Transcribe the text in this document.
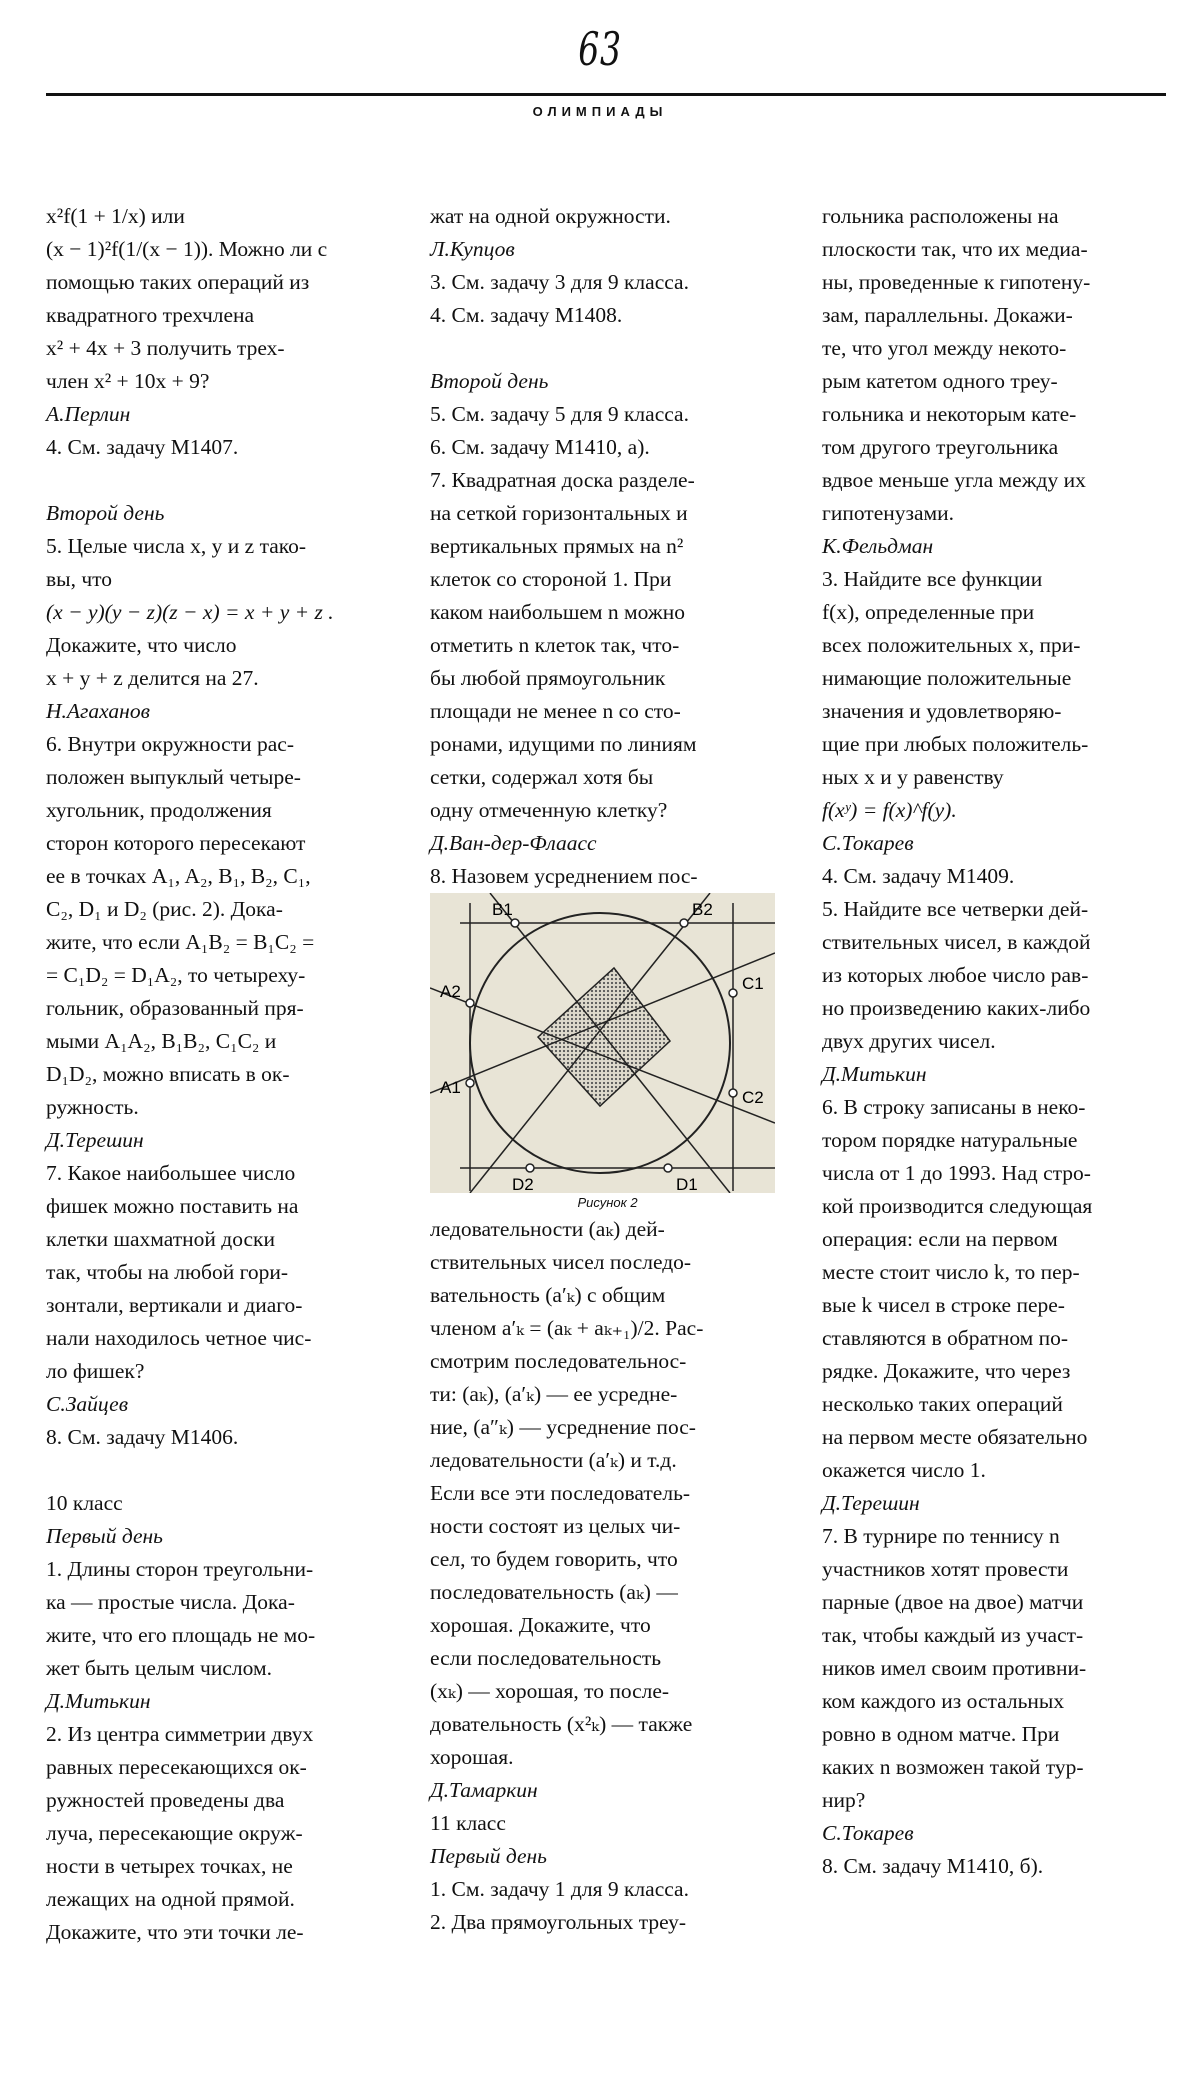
63
ОЛИМПИАДЫ
x²f(1 + 1/x) или
(x − 1)²f(1/(x − 1)). Можно ли с
помощью таких операций из
квадратного трехчлена
x² + 4x + 3 получить трех-
член x² + 10x + 9?
А.Перлин
4. См. задачу М1407.
Второй день
5. Целые числа x, y и z тако-
вы, что
(x − y)(y − z)(z − x) = x + y + z .
Докажите, что число
x + y + z делится на 27.
Н.Агаханов
6. Внутри окружности рас-
положен выпуклый четыре-
хугольник, продолжения
сторон которого пересекают
ее в точках A₁, A₂, B₁, B₂, C₁,
C₂, D₁ и D₂ (рис. 2). Дока-
жите, что если A₁B₂ = B₁C₂ =
= C₁D₂ = D₁A₂, то четыреху-
гольник, образованный пря-
мыми A₁A₂, B₁B₂, C₁C₂ и
D₁D₂, можно вписать в ок-
ружность.
Д.Терешин
7. Какое наибольшее число
фишек можно поставить на
клетки шахматной доски
так, чтобы на любой гори-
зонтали, вертикали и диаго-
нали находилось четное чис-
ло фишек?
С.Зайцев
8. См. задачу М1406.
10 класс
Первый день
1. Длины сторон треугольни-
ка — простые числа. Дока-
жите, что его площадь не мо-
жет быть целым числом.
Д.Митькин
2. Из центра симметрии двух
равных пересекающихся ок-
ружностей проведены два
луча, пересекающие окруж-
ности в четырех точках, не
лежащих на одной прямой.
Докажите, что эти точки ле-
жат на одной окружности.
Л.Купцов
3. См. задачу 3 для 9 класса.
4. См. задачу М1408.
Второй день
5. См. задачу 5 для 9 класса.
6. См. задачу М1410, а).
7. Квадратная доска разделе-
на сеткой горизонтальных и
вертикальных прямых на n²
клеток со стороной 1. При
каком наибольшем n можно
отметить n клеток так, что-
бы любой прямоугольник
площади не менее n со сто-
ронами, идущими по линиям
сетки, содержал хотя бы
одну отмеченную клетку?
Д.Ван-дер-Флаасс
8. Назовем усреднением пос-
B1	B2
A2
A1
C1
C2
D2	D1
Рисунок 2
ледовательности (aₖ) дей-
ствительных чисел последо-
вательность (a′ₖ) с общим
членом a′ₖ = (aₖ + aₖ₊₁)/2. Рас-
смотрим последовательнос-
ти: (aₖ), (a′ₖ) — ее усредне-
ние, (a″ₖ) — усреднение пос-
ледовательности (a′ₖ) и т.д.
Если все эти последователь-
ности состоят из целых чи-
сел, то будем говорить, что
последовательность (aₖ) —
хорошая. Докажите, что
если последовательность
(xₖ) — хорошая, то после-
довательность (x²ₖ) — также
хорошая.
Д.Тамаркин
11 класс
Первый день
1. См. задачу 1 для 9 класса.
2. Два прямоугольных треу-
гольника расположены на
плоскости так, что их медиа-
ны, проведенные к гипотену-
зам, параллельны. Докажи-
те, что угол между некото-
рым катетом одного треу-
гольника и некоторым кате-
том другого треугольника
вдвое меньше угла между их
гипотенузами.
К.Фельдман
3. Найдите все функции
f(x), определенные при
всех положительных x, при-
нимающие положительные
значения и удовлетворяю-
щие при любых положитель-
ных x и y равенству
f(xʸ) = f(x)^f(y).
С.Токарев
4. См. задачу М1409.
5. Найдите все четверки дей-
ствительных чисел, в каждой
из которых любое число рав-
но произведению каких-либо
двух других чисел.
Д.Митькин
6. В строку записаны в неко-
тором порядке натуральные
числа от 1 до 1993. Над стро-
кой производится следующая
операция: если на первом
месте стоит число k, то пер-
вые k чисел в строке пере-
ставляются в обратном по-
рядке. Докажите, что через
несколько таких операций
на первом месте обязательно
окажется число 1.
Д.Терешин
7. В турнире по теннису n
участников хотят провести
парные (двое на двое) матчи
так, чтобы каждый из участ-
ников имел своим противни-
ком каждого из остальных
ровно в одном матче. При
каких n возможен такой тур-
нир?
С.Токарев
8. См. задачу М1410, б).
